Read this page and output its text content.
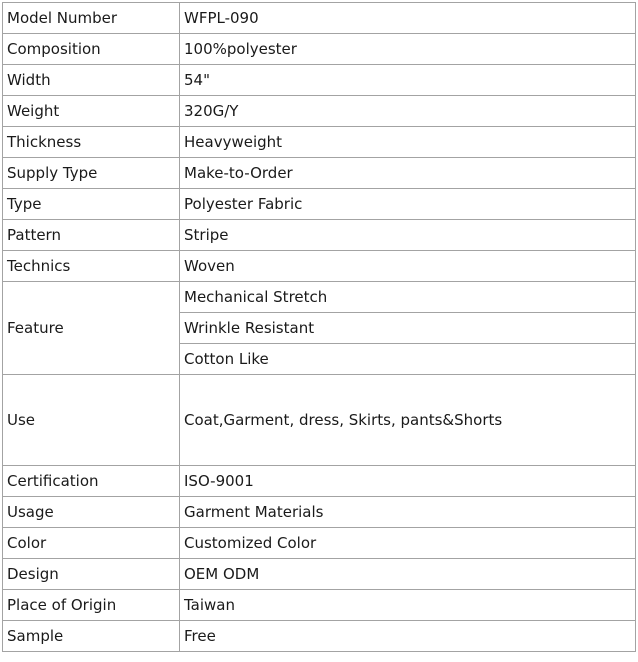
Model Number	WFPL-090
Composition	100%polyester
Width	54"
Weight	320G/Y
Thickness	Heavyweight
Supply Type	Make-to-Order
Type	Polyester Fabric
Pattern	Stripe
Technics	Woven
Feature	Mechanical Stretch
	Wrinkle Resistant
	Cotton Like
Use	Coat,Garment, dress, Skirts, pants&Shorts
Certification	ISO-9001
Usage	Garment Materials
Color	Customized Color
Design	OEM ODM
Place of Origin	Taiwan
Sample	Free
